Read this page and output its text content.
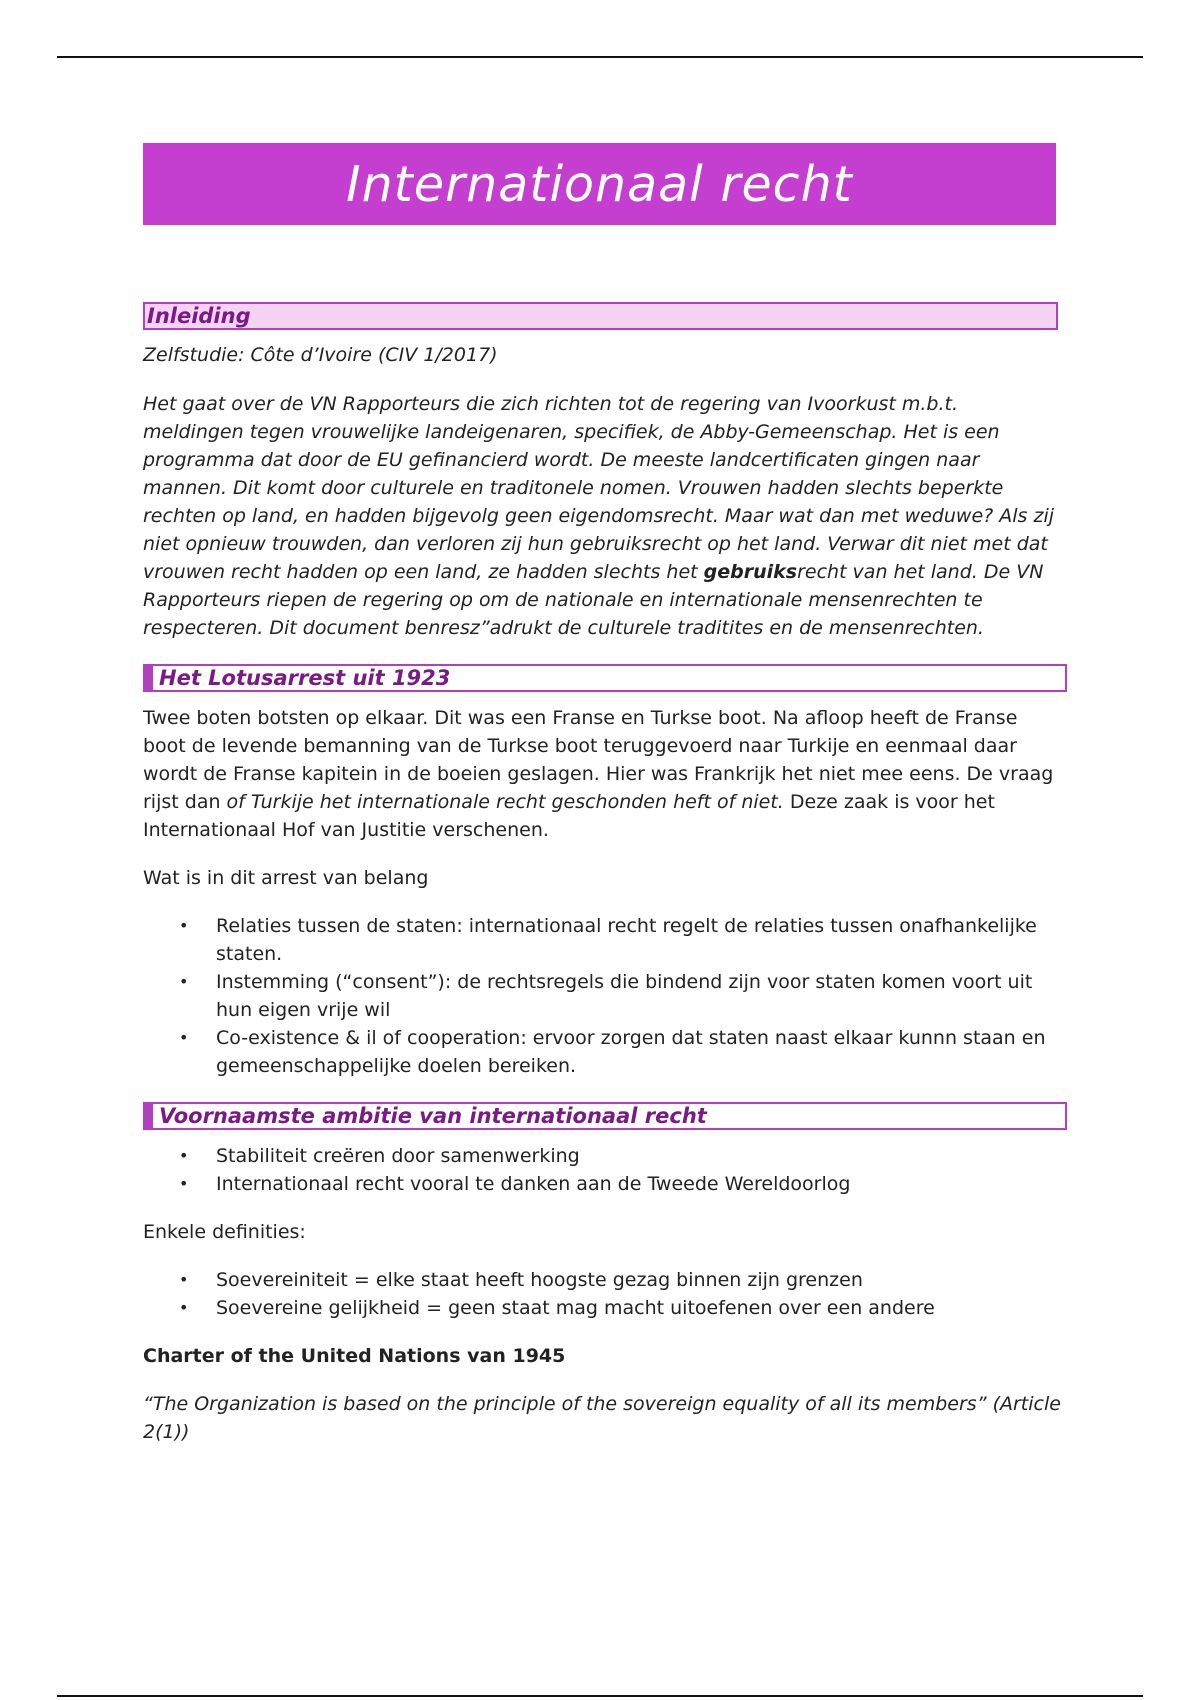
Internationaal recht
Inleiding

Zelfstudie: Côte d’Ivoire (CIV 1/2017)

Het gaat over de VN Rapporteurs die zich richten tot de regering van Ivoorkust m.b.t. meldingen tegen vrouwelijke landeigenaren, specifiek, de Abby-Gemeenschap. Het is een programma dat door de EU gefinancierd wordt. De meeste landcertificaten gingen naar mannen. Dit komt door culturele en traditonele nomen. Vrouwen hadden slechts beperkte rechten op land, en hadden bijgevolg geen eigendomsrecht. Maar wat dan met weduwe? Als zij niet opnieuw trouwden, dan verloren zij hun gebruiksrecht op het land. Verwar dit niet met dat vrouwen recht hadden op een land, ze hadden slechts het gebruiksrecht van het land. De VN Rapporteurs riepen de regering op om de nationale en internationale mensenrechten te respecteren. Dit document benresz”adrukt de culturele traditites en de mensenrechten.

Het Lotusarrest uit 1923

Twee boten botsten op elkaar. Dit was een Franse en Turkse boot. Na afloop heeft de Franse boot de levende bemanning van de Turkse boot teruggevoerd naar Turkije en eenmaal daar wordt de Franse kapitein in de boeien geslagen. Hier was Frankrijk het niet mee eens. De vraag rijst dan of Turkije het internationale recht geschonden heft of niet. Deze zaak is voor het Internationaal Hof van Justitie verschenen.

Wat is in dit arrest van belang

• Relaties tussen de staten: internationaal recht regelt de relaties tussen onafhankelijke staten.
• Instemming (“consent”): de rechtsregels die bindend zijn voor staten komen voort uit hun eigen vrije wil
• Co-existence & il of cooperation: ervoor zorgen dat staten naast elkaar kunnn staan en gemeenschappelijke doelen bereiken.
Voornaamste ambitie van internationaal recht
• Stabiliteit creëren door samenwerking
• Internationaal recht vooral te danken aan de Tweede Wereldoorlog

Enkele definities:

• Soevereiniteit = elke staat heeft hoogste gezag binnen zijn grenzen
• Soevereine gelijkheid = geen staat mag macht uitoefenen over een andere

Charter of the United Nations van 1945

“The Organization is based on the principle of the sovereign equality of all its members” (Article 2(1))
